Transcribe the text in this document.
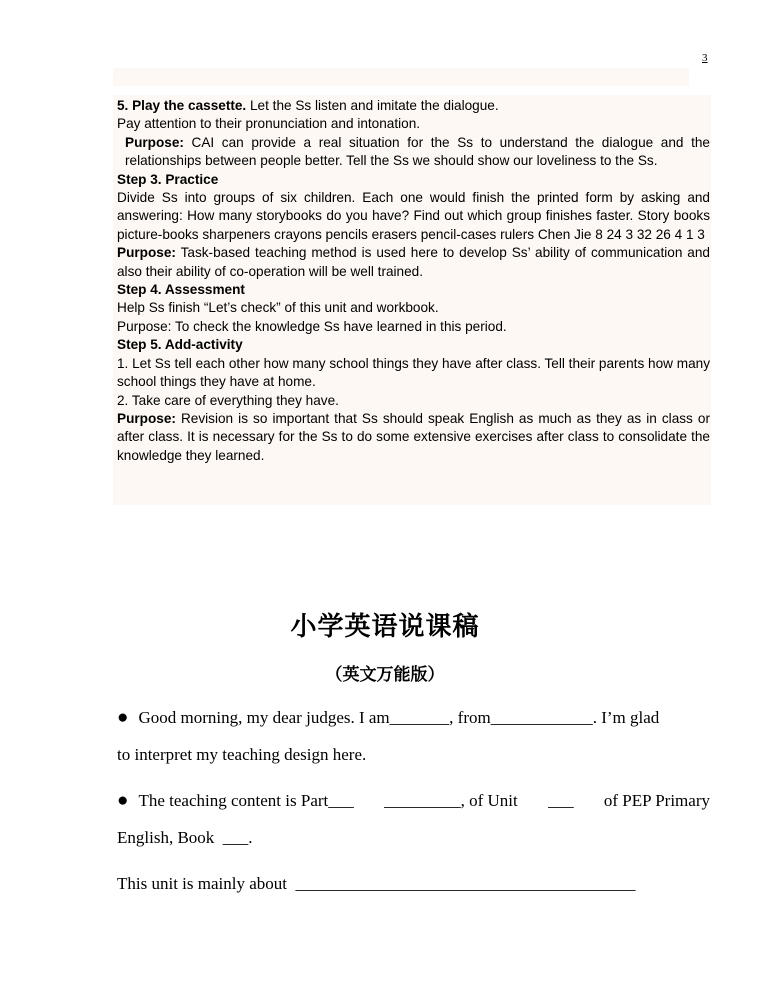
3

5. Play the cassette. Let the Ss listen and imitate the dialogue.

Pay attention to their pronunciation and intonation.

Purpose: CAI can provide a real situation for the Ss to understand the dialogue and the relationships between people better. Tell the Ss we should show our loveliness to the Ss.

Step 3. Practice

Divide Ss into groups of six children. Each one would finish the printed form by asking and answering: How many storybooks do you have? Find out which group finishes faster. Story books picture-books sharpeners crayons pencils erasers pencil-cases rulers Chen Jie 8 24 3 32 26 4 1 3

Purpose: Task-based teaching method is used here to develop Ss’ ability of communication and also their ability of co-operation will be well trained.

Step 4. Assessment

Help Ss finish “Let’s check” of this unit and workbook.

Purpose: To check the knowledge Ss have learned in this period.

Step 5. Add-activity

1. Let Ss tell each other how many school things they have after class. Tell their parents how many school things they have at home.

2. Take care of everything they have.

Purpose: Revision is so important that Ss should speak English as much as they as in class or after class. It is necessary for the Ss to do some extensive exercises after class to consolidate the knowledge they learned.

小学英语说课稿
（英文万能版）
● Good morning, my dear judges. I am_______, from____________. I’m glad
to interpret my teaching design here.
● The teaching content is Part___ _________, of Unit ___ of PEP Primary
English, Book  ___.
This unit is mainly about  ________________________________________
